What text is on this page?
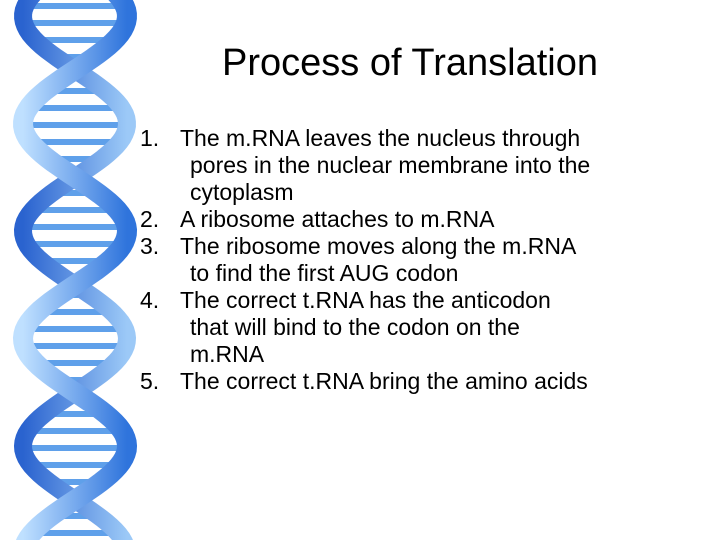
Process of Translation
1. The m.RNA leaves the nucleus through
pores in the nuclear membrane into the
cytoplasm
2. A ribosome attaches to m.RNA
3. The ribosome moves along the m.RNA
to find the first AUG codon
4. The correct t.RNA has the anticodon
that will bind to the codon on the
m.RNA
5. The correct t.RNA bring the amino acids
